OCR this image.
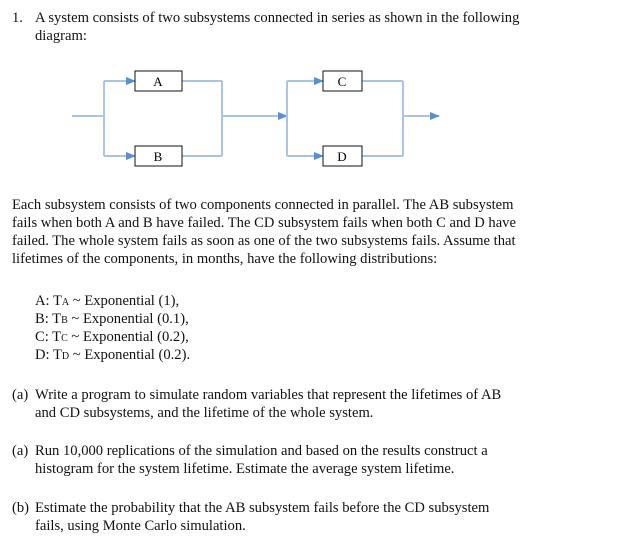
1. A system consists of two subsystems connected in series as shown in the following
diagram:
A
B
C
D
Each subsystem consists of two components connected in parallel. The AB subsystem
fails when both A and B have failed. The CD subsystem fails when both C and D have
failed. The whole system fails as soon as one of the two subsystems fails. Assume that
lifetimes of the components, in months, have the following distributions:
A: TA ~ Exponential (1),
B: TB ~ Exponential (0.1),
C: TC ~ Exponential (0.2),
D: TD ~ Exponential (0.2).
(a) Write a program to simulate random variables that represent the lifetimes of AB
and CD subsystems, and the lifetime of the whole system.
(a) Run 10,000 replications of the simulation and based on the results construct a
histogram for the system lifetime. Estimate the average system lifetime.
(b) Estimate the probability that the AB subsystem fails before the CD subsystem
fails, using Monte Carlo simulation.
